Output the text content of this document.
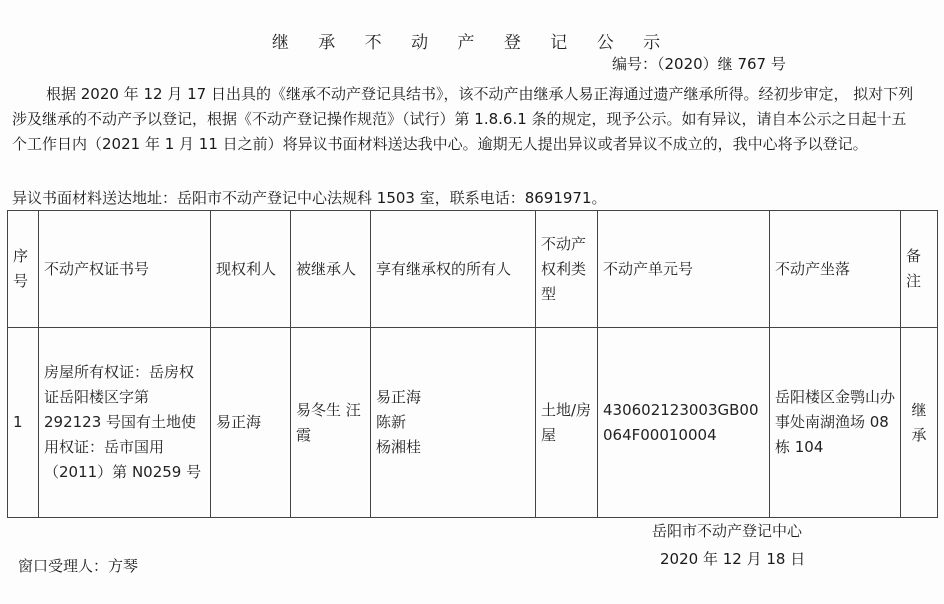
继 承 不 动 产 登 记 公 示
编号：（2020）继 767 号

根据 2020 年 12 月 17 日出具的《继承不动产登记具结书》，该不动产由继承人易正海通过遗产继承所得。经初步审定， 拟对下列涉及继承的不动产予以登记，根据《不动产登记操作规范》（试行）第 1.8.6.1 条的规定，现予公示。如有异议，请自本公示之日起十五个工作日内（2021 年 1 月 11 日之前）将异议书面材料送达我中心。逾期无人提出异议或者异议不成立的，我中心将予以登记。

异议书面材料送达地址：岳阳市不动产登记中心法规科 1503 室，联系电话：8691971。
序号	不动产权证书号	现权利人	被继承人	享有继承权的所有人	不动产权利类型	不动产单元号	不动产坐落	备注
1	房屋所有权证：岳房权证岳阳楼区字第 292123 号国有土地使用权证：岳市国用（2011）第 N0259 号	易正海	易冬生 汪霞	易正海
陈新
杨湘桂	土地/房屋	430602123003GB00064F00010004	岳阳楼区金鹗山办事处南湖渔场 08 栋 104	继承
岳阳市不动产登记中心
2020 年 12 月 18 日
窗口受理人：方琴
